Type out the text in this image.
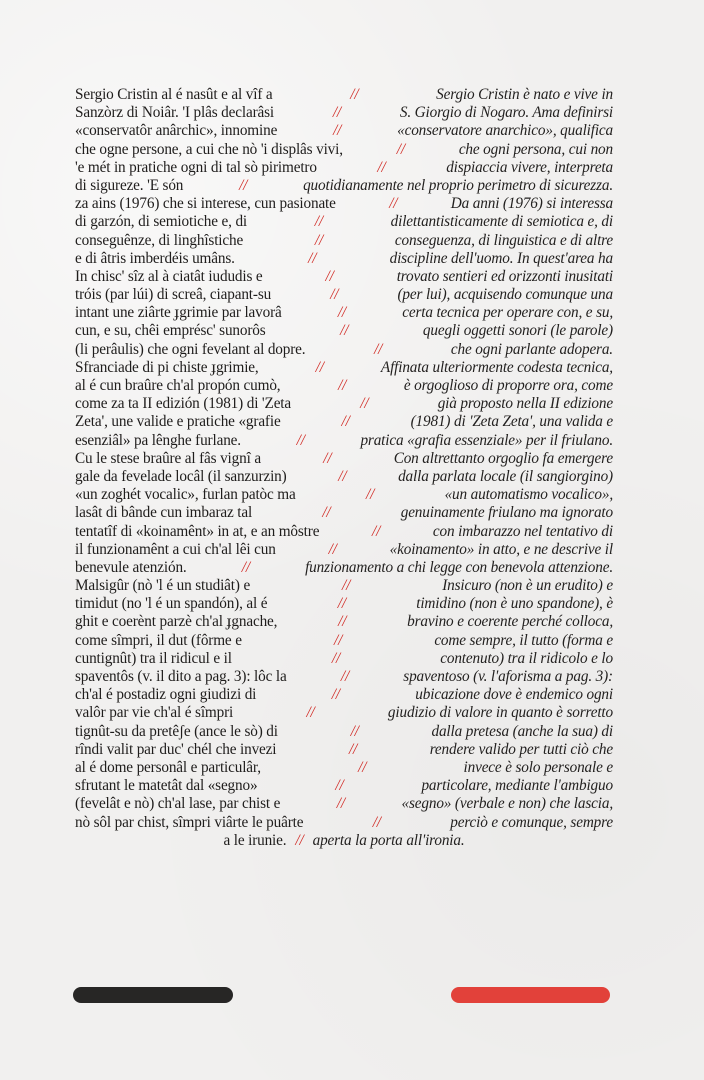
Sergio Cristin al é nasût e al vîf a	//	Sergio Cristin è nato e vive in
Sanzòrz di Noiâr. 'I plâs declarâsi	//	S. Giorgio di Nogaro. Ama definirsi
«conservatôr anârchic», innomine	//	«conservatore anarchico», qualifica
che ogne persone, a cui che nò 'i displâs vivi,	//	che ogni persona, cui non
'e mét in pratiche ogni di tal sò pirimetro	//	dispiaccia vivere, interpreta
di sigureze. 'E són	//	quotidianamente nel proprio perimetro di sicurezza.
za ains (1976) che si interese, cun pasionate	//	Da anni (1976) si interessa
di garzón, di semiotiche e, di	//	dilettantisticamente di semiotica e, di
conseguênze, di linghîstiche	//	conseguenza, di linguistica e di altre
e di âtris imberdéis umâns.	//	discipline dell'uomo. In quest'area ha
In chisc' sîz al à ciatât iududis e	//	trovato sentieri ed orizzonti inusitati
tróis (par lúi) di screâ, ciapant-su	//	(per lui), acquisendo comunque una
intant une ziârte ɟgrimie par lavorâ	//	certa tecnica per operare con, e su,
cun, e su, chêi emprésc' sunorôs	//	quegli oggetti sonori (le parole)
(li perâulis) che ogni fevelant al dopre.	//	che ogni parlante adopera.
Sfranciade di pi chiste ɟgrimie,	//	Affinata ulteriormente codesta tecnica,
al é cun braûre ch'al propón cumò,	//	è orgoglioso di proporre ora, come
come za ta II edizión (1981) di 'Zeta	//	già proposto nella II edizione
Zeta', une valide e pratiche «grafie	//	(1981) di 'Zeta Zeta', una valida e
esenziâl» pa lênghe furlane.	//	pratica «grafia essenziale» per il friulano.
Cu le stese braûre al fâs vignî a	//	Con altrettanto orgoglio fa emergere
gale da fevelade locâl (il sanzurzin)	//	dalla parlata locale (il sangiorgino)
«un zoghét vocalic», furlan patòc ma	//	«un automatismo vocalico»,
lasât di bânde cun imbaraz tal	//	genuinamente friulano ma ignorato
tentatîf di «koinamênt» in at, e an môstre	//	con imbarazzo nel tentativo di
il funzionamênt a cui ch'al lêi cun	//	«koinamento» in atto, e ne descrive il
benevule atenzión.	//	funzionamento a chi legge con benevola attenzione.
Malsigûr (nò 'l é un studiât) e	//	Insicuro (non è un erudito) e
timidut (no 'l é un spandón), al é	//	timidino (non è uno spandone), è
ghit e coerènt parzè ch'al ɟgnache,	//	bravino e coerente perché colloca,
come sîmpri, il dut (fôrme e	//	come sempre, il tutto (forma e
cuntignût) tra il ridicul e il	//	contenuto) tra il ridicolo e lo
spaventôs (v. il dito a pag. 3): lôc la	//	spaventoso (v. l'aforisma a pag. 3):
ch'al é postadiz ogni giudizi di	//	ubicazione dove è endemico ogni
valôr par vie ch'al é sîmpri	//	giudizio di valore in quanto è sorretto
tignût-su da pretêʃe (ance le sò) di	//	dalla pretesa (anche la sua) di
rîndi valit par duc' chél che invezi	//	rendere valido per tutti ciò che
al é dome personâl e particulâr,	//	invece è solo personale e
sfrutant le matetât dal «segno»	//	particolare, mediante l'ambiguo
(fevelât e nò) ch'al lase, par chist e	//	«segno» (verbale e non) che lascia,
nò sôl par chist, sîmpri viârte le puârte	//	perciò e comunque, sempre
a le irunie. // aperta la porta all'ironia.
